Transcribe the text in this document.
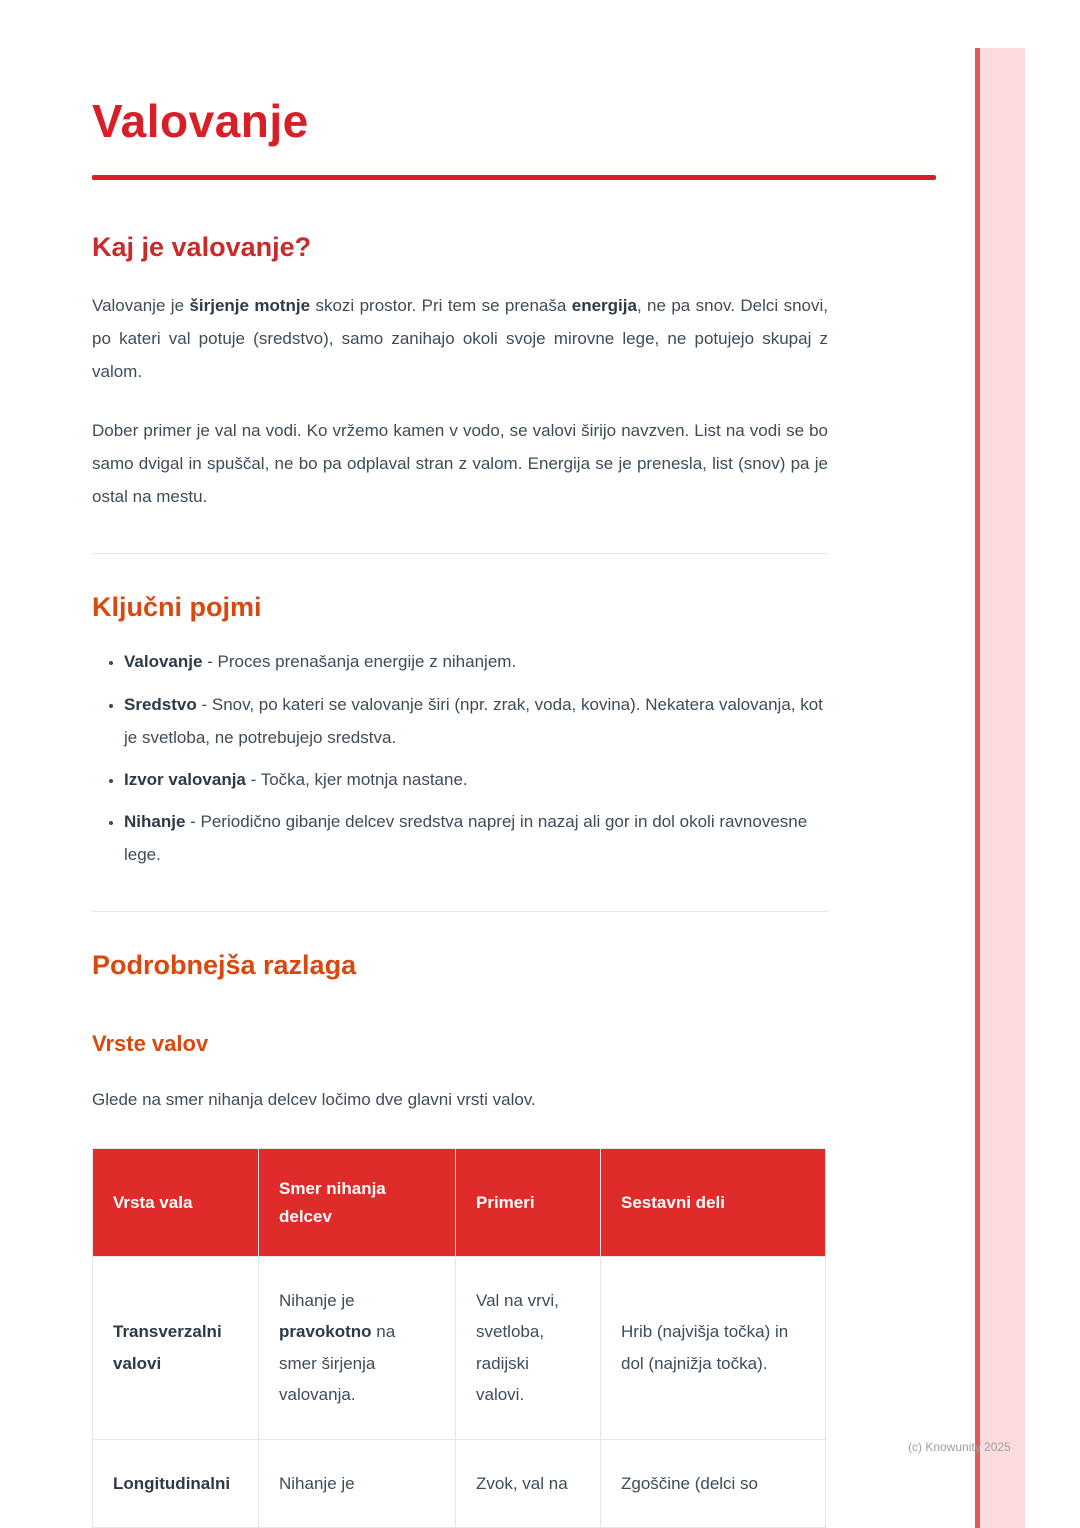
Valovanje
Kaj je valovanje?

Valovanje je širjenje motnje skozi prostor. Pri tem se prenaša energija, ne pa snov. Delci snovi, po kateri val potuje (sredstvo), samo zanihajo okoli svoje mirovne lege, ne potujejo skupaj z valom.

Dober primer je val na vodi. Ko vržemo kamen v vodo, se valovi širijo navzven. List na vodi se bo samo dvigal in spuščal, ne bo pa odplaval stran z valom. Energija se je prenesla, list (snov) pa je ostal na mestu.

Ključni pojmi
• Valovanje - Proces prenašanja energije z nihanjem.
• Sredstvo - Snov, po kateri se valovanje širi (npr. zrak, voda, kovina). Nekatera valovanja, kot je svetloba, ne potrebujejo sredstva.
• Izvor valovanja - Točka, kjer motnja nastane.
• Nihanje - Periodično gibanje delcev sredstva naprej in nazaj ali gor in dol okoli ravnovesne lege.
Podrobnejša razlaga
Vrste valov

Glede na smer nihanja delcev ločimo dve glavni vrsti valov.

Vrsta vala	Smer nihanja delcev	Primeri	Sestavni deli
Transverzalni valovi	Nihanje je pravokotno na smer širjenja valovanja.	Val na vrvi, svetloba, radijski valovi.	Hrib (najvišja točka) in dol (najnižja točka).
Longitudinalni	Nihanje je	Zvok, val na	Zgoščine (delci so
(c) Knowunity 2025
